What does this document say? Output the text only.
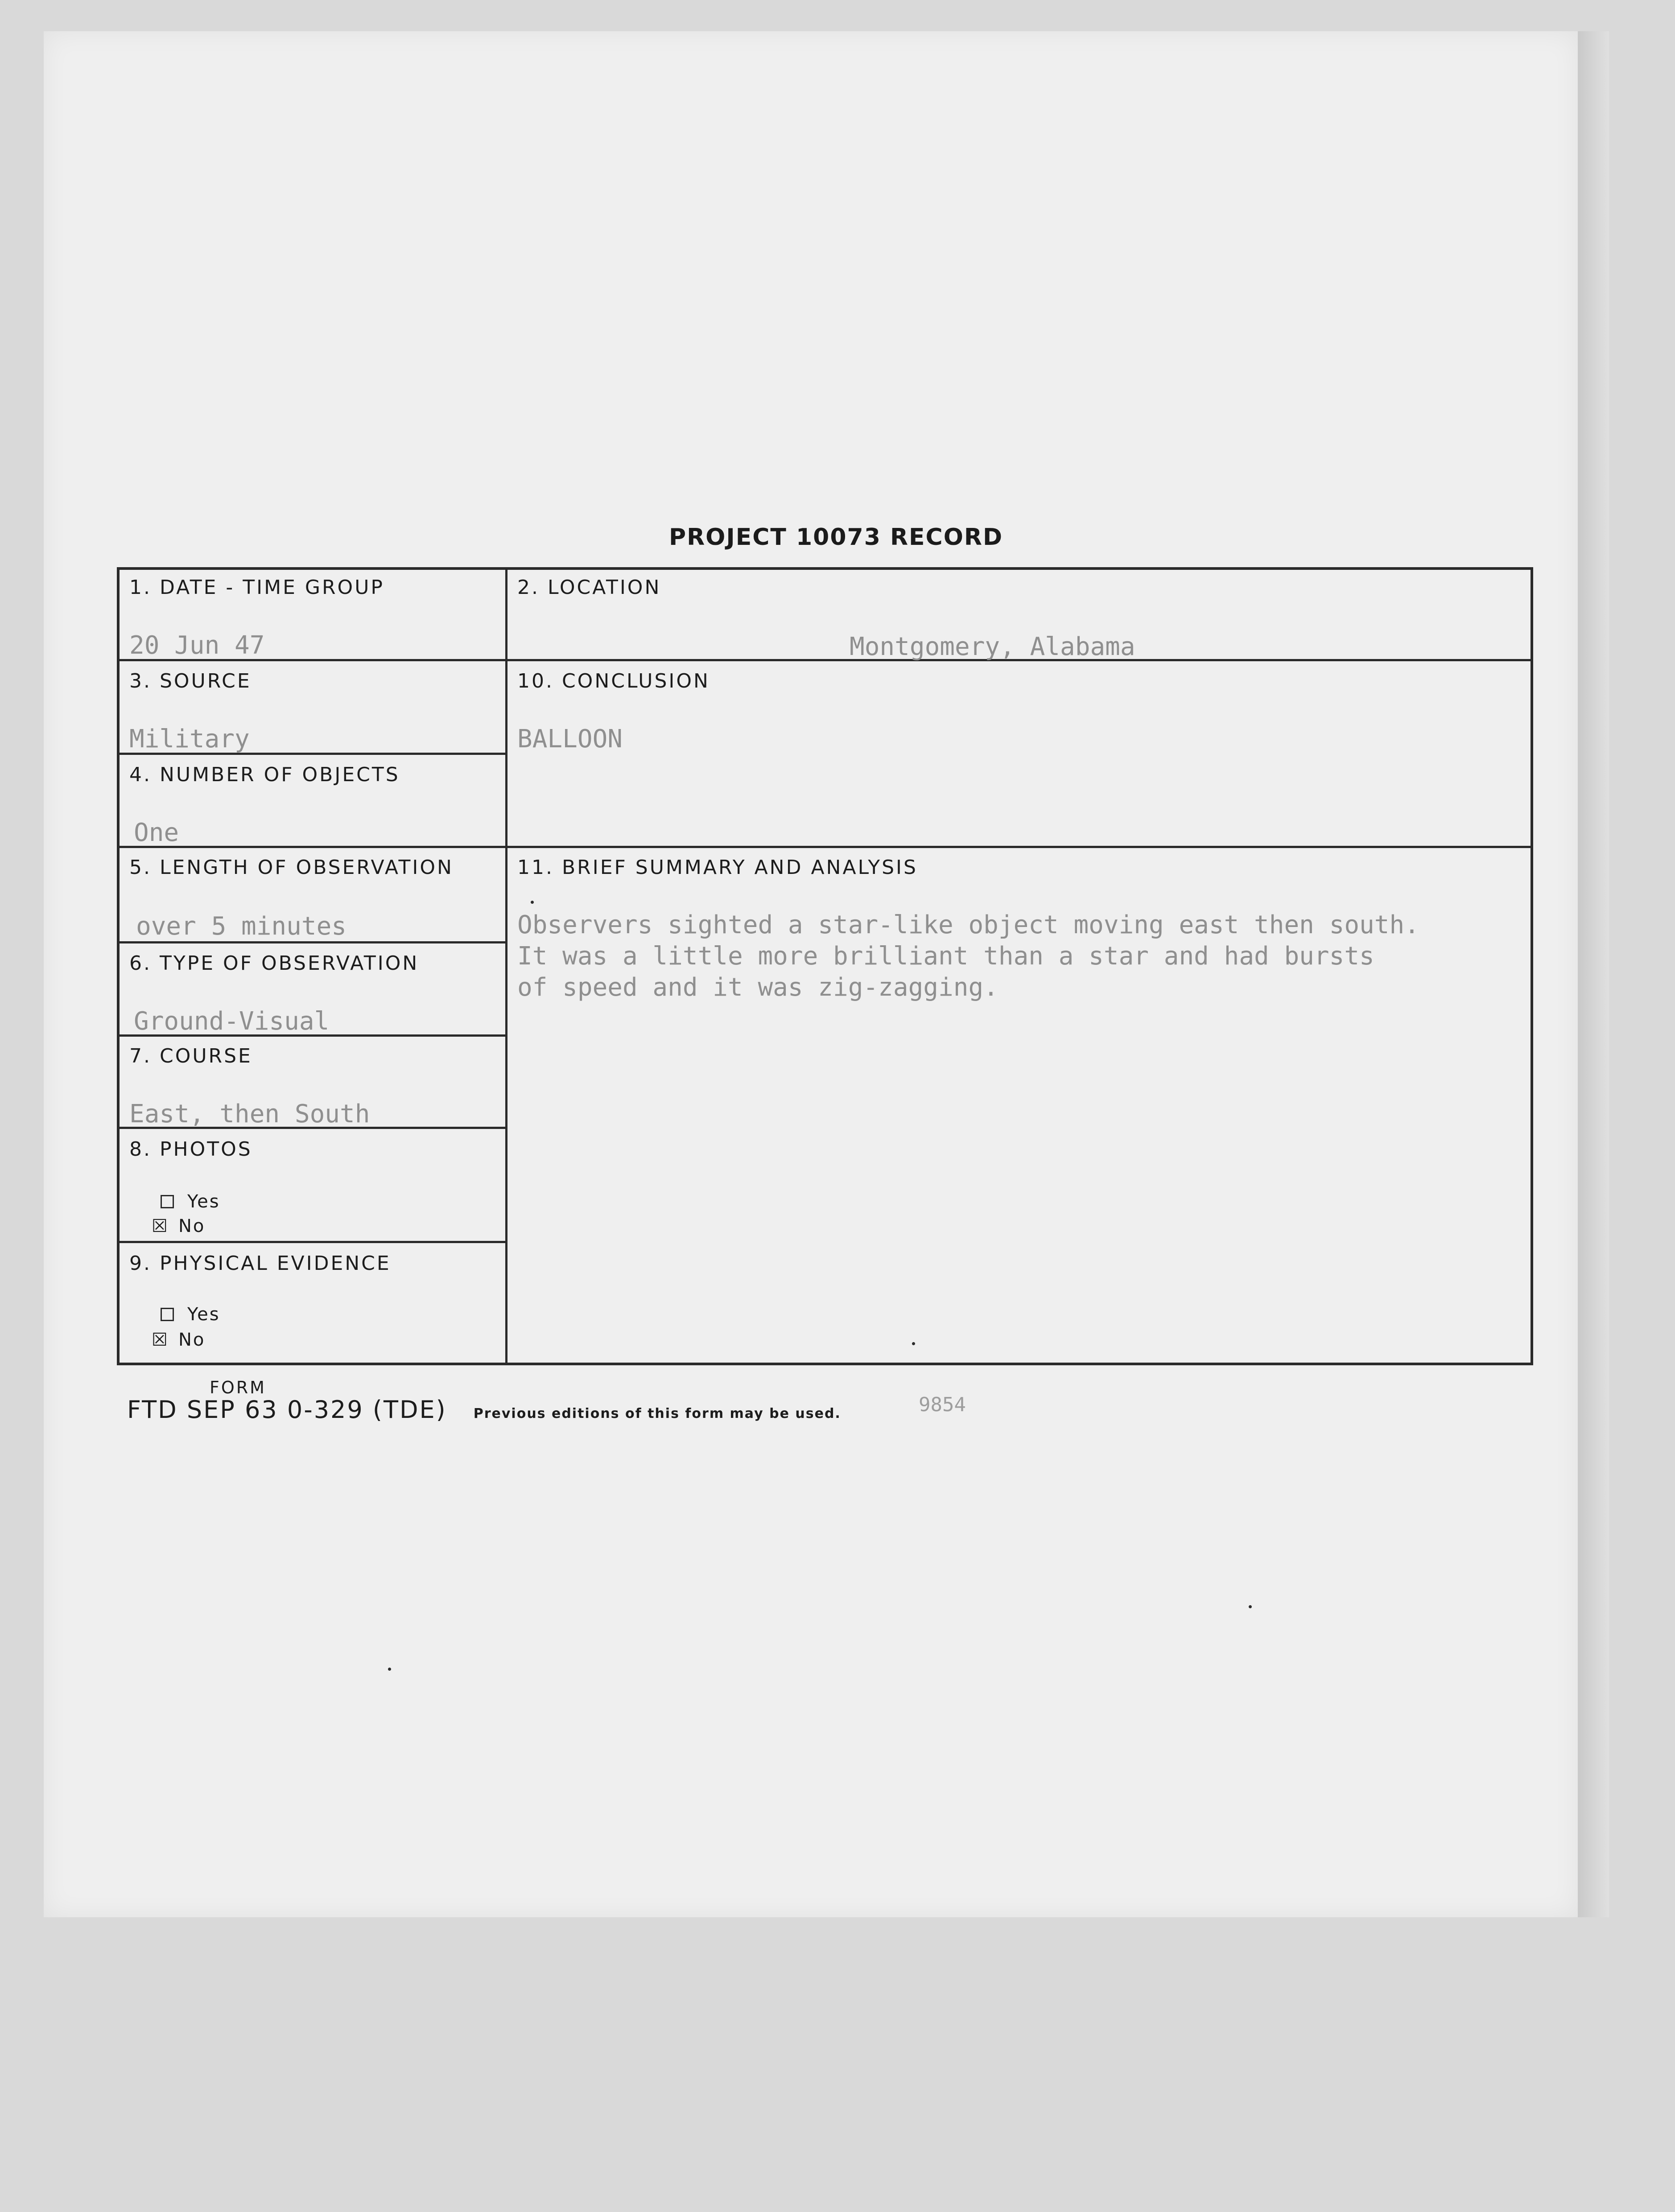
PROJECT 10073 RECORD
1. DATE - TIME GROUP
20 Jun 47
2. LOCATION
Montgomery, Alabama
3. SOURCE
Military
10. CONCLUSION
BALLOON
4. NUMBER OF OBJECTS
One
5. LENGTH OF OBSERVATION
over 5 minutes
11. BRIEF SUMMARY AND ANALYSIS
Observers sighted a star-like object moving east then south.
It was a little more brilliant than a star and had bursts
of speed and it was zig-zagging.
6. TYPE OF OBSERVATION
Ground-Visual
7. COURSE
East, then South
8. PHOTOS
Yes
☒ No
9. PHYSICAL EVIDENCE
Yes
☒ No
FORM
FTD SEP 63 0-329 (TDE) Previous editions of this form may be used.	9854
